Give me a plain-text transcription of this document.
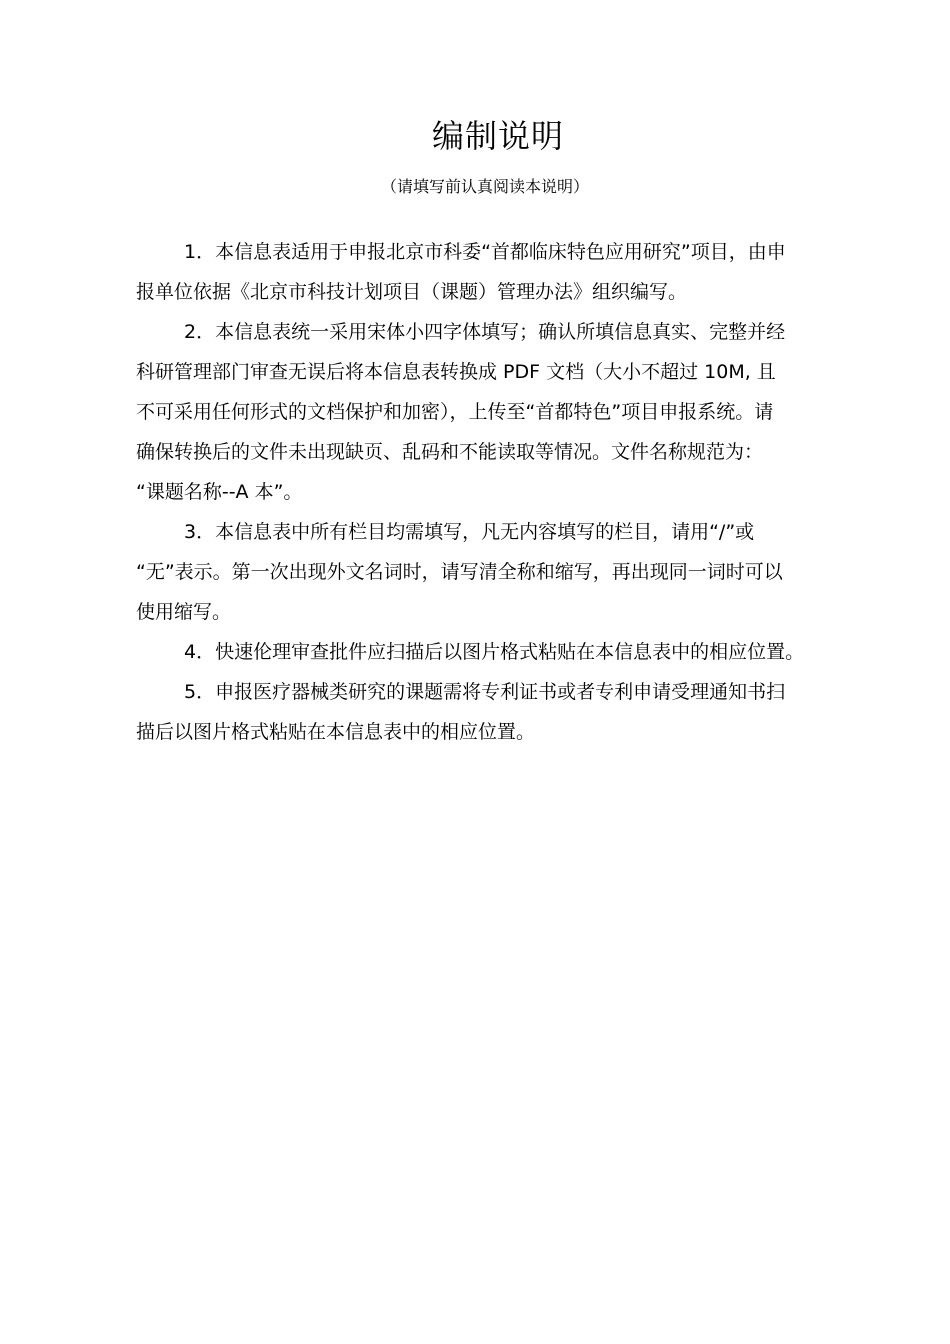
编制说明
（请填写前认真阅读本说明）

1．本信息表适用于申报北京市科委“首都临床特色应用研究”项目，由申
报单位依据《北京市科技计划项目（课题）管理办法》组织编写。

2．本信息表统一采用宋体小四字体填写；确认所填信息真实、完整并经
科研管理部门审查无误后将本信息表转换成 PDF 文档（大小不超过 10M, 且
不可采用任何形式的文档保护和加密），上传至“首都特色”项目申报系统。请
确保转换后的文件未出现缺页、乱码和不能读取等情况。文件名称规范为：
“课题名称--A 本”。

3．本信息表中所有栏目均需填写，凡无内容填写的栏目，请用“/”或
“无”表示。第一次出现外文名词时，请写清全称和缩写，再出现同一词时可以
使用缩写。

4．快速伦理审查批件应扫描后以图片格式粘贴在本信息表中的相应位置。

5．申报医疗器械类研究的课题需将专利证书或者专利申请受理通知书扫
描后以图片格式粘贴在本信息表中的相应位置。
